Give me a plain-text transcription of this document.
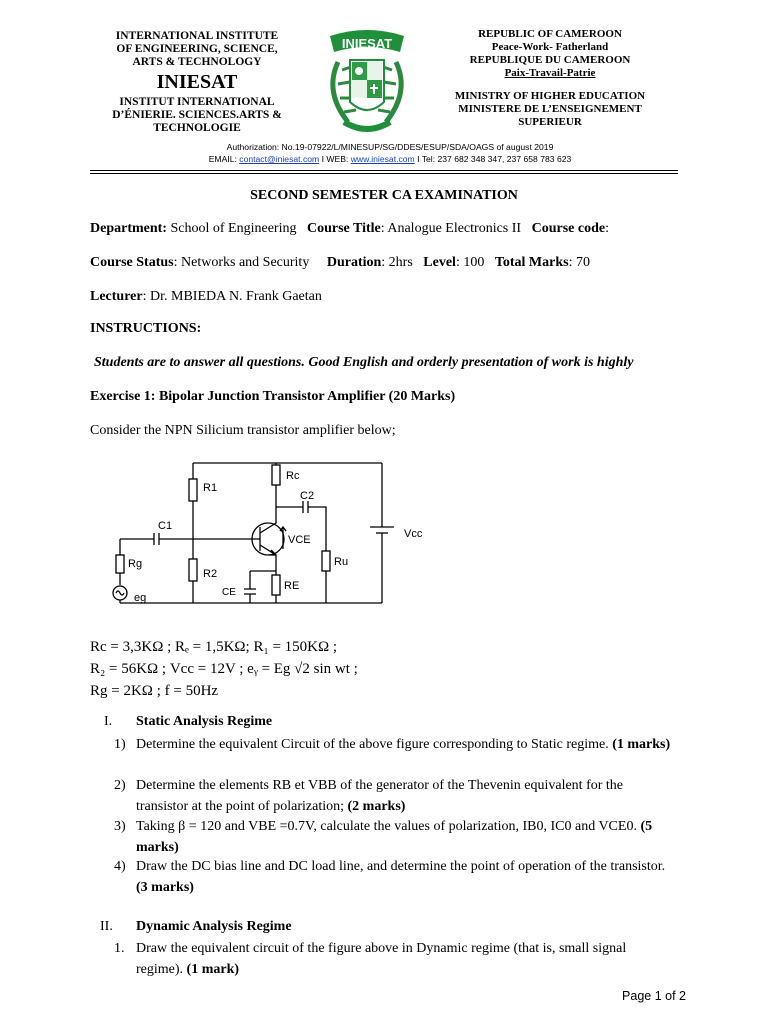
INTERNATIONAL INSTITUTE
OF ENGINEERING, SCIENCE,
ARTS & TECHNOLOGY
INIESAT
INSTITUT INTERNATIONAL
D’ÉNIERIE. SCIENCES.ARTS &
TECHNOLOGIE
INIESAT
REPUBLIC OF CAMEROON
Peace-Work- Fatherland
REPUBLIQUE DU CAMEROON
Paix-Travail-Patrie
MINISTRY OF HIGHER EDUCATION
MINISTERE DE L’ENSEIGNEMENT
SUPERIEUR
Authorization: No.19-07922/L/MINESUP/SG/DDES/ESUP/SDA/OAGS of august 2019
EMAIL: contact@iniesat.com I WEB: www.iniesat.com I Tel: 237 682 348 347, 237 658 783 623
SECOND SEMESTER CA EXAMINATION
Department: School of Engineering Course Title: Analogue Electronics II Course code:
Course Status: Networks and Security Duration: 2hrs Level: 100 Total Marks: 70
Lecturer: Dr. MBIEDA N. Frank Gaetan
INSTRUCTIONS:
Students are to answer all questions. Good English and orderly presentation of work is highly
Exercise 1: Bipolar Junction Transistor Amplifier (20 Marks)
Consider the NPN Silicium transistor amplifier below;
Rc
R1
C2
C1
VCE	Vcc
Rg
R2
Ru
RE
CE
eg
Rc = 3,3KΩ ; Rₑ = 1,5KΩ; R₁ = 150KΩ ;
R₂ = 56KΩ ; Vcc = 12V ; eᵧ = Eg √2 sin wt ;
Rg = 2KΩ ; f = 50Hz
I. Static Analysis Regime
1) Determine the equivalent Circuit of the above figure corresponding to Static regime. (1 marks)
2) Determine the elements RB et VBB of the generator of the Thevenin equivalent for the transistor at the point of polarization; (2 marks)
3) Taking β = 120 and VBE =0.7V, calculate the values of polarization, IB0, IC0 and VCE0. (5 marks)
4) Draw the DC bias line and DC load line, and determine the point of operation of the transistor. (3 marks)
II. Dynamic Analysis Regime
1. Draw the equivalent circuit of the figure above in Dynamic regime (that is, small signal regime). (1 mark)
Page 1 of 2
